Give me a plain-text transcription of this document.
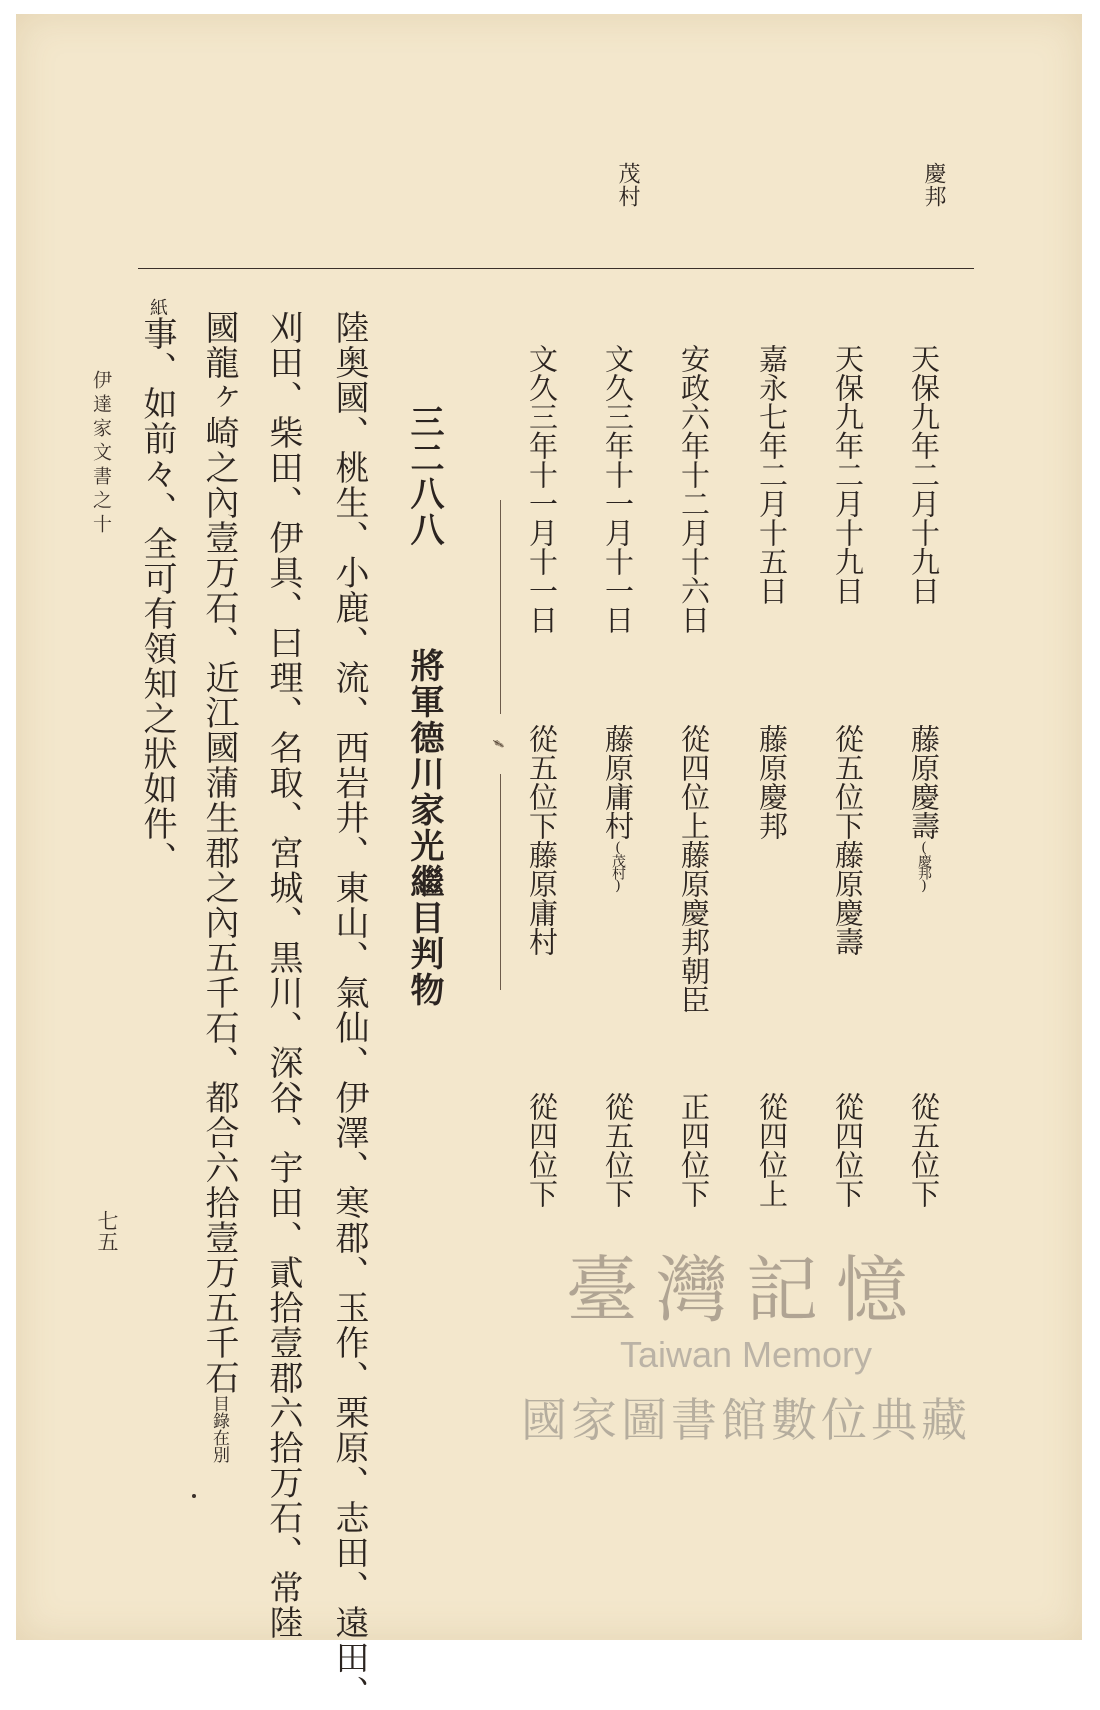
慶邦
茂村
天保九年二月十九日
藤原慶壽(慶邦)
從五位下
天保九年二月十九日
從五位下藤原慶壽
從四位下
嘉永七年二月十五日
藤原慶邦
從四位上
安政六年十二月十六日
從四位上藤原慶邦朝臣
正四位下
文久三年十一月十一日
藤原庸村(茂村)
從五位下
文久三年十一月十一日
從五位下藤原庸村
從四位下
⸙
三二八八將軍德川家光繼目判物
陸奥國、桃生、小鹿、流、西岩井、東山、氣仙、伊澤、寒郡、玉作、栗原、志田、遠田、
刈田、柴田、伊具、曰理、名取、宮城、黒川、深谷、宇田、貳拾壹郡六拾万石、常陸
國龍ヶ崎之內壹万石、近江國蒲生郡之內五千石、都合六拾壹万五千石目錄在別
紙事、如前々、全可有領知之狀如件、
伊達家文書之十
七五
臺灣記憶
Taiwan Memory
國家圖書館數位典藏
